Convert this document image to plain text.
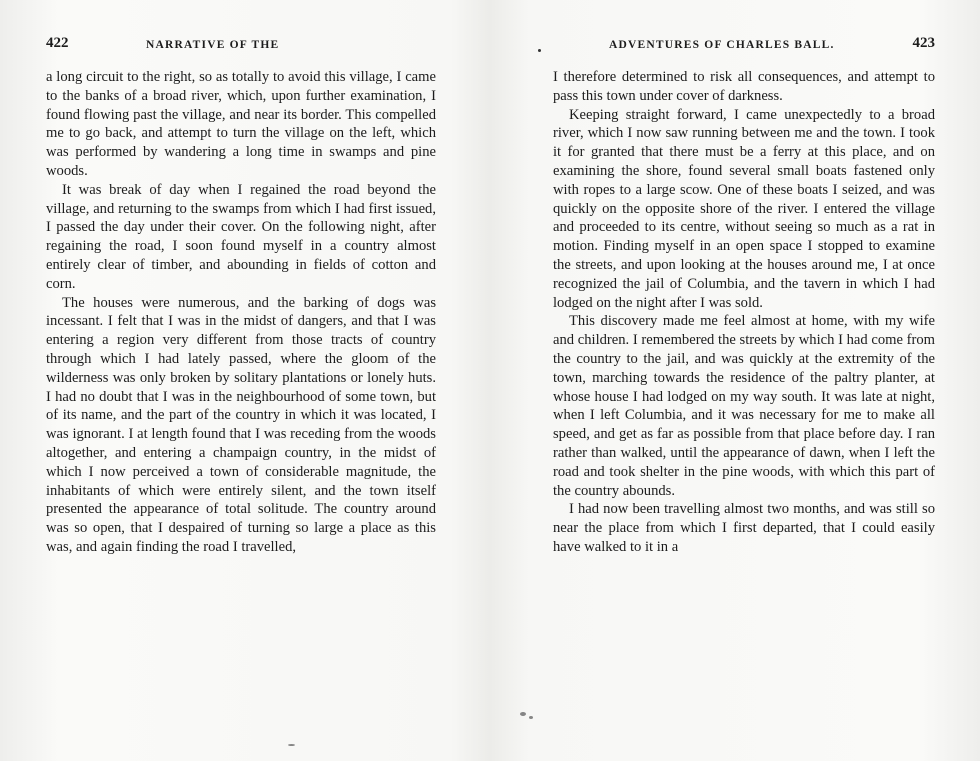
422	NARRATIVE OF THE

a long circuit to the right, so as totally to avoid this village, I came to the banks of a broad river, which, upon further examination, I found flowing past the village, and near its border. This compelled me to go back, and attempt to turn the village on the left, which was performed by wandering a long time in swamps and pine woods.

It was break of day when I regained the road beyond the village, and returning to the swamps from which I had first issued, I passed the day under their cover. On the following night, after regaining the road, I soon found myself in a country almost entirely clear of timber, and abounding in fields of cotton and corn.

The houses were numerous, and the barking of dogs was incessant. I felt that I was in the midst of dangers, and that I was entering a region very different from those tracts of country through which I had lately passed, where the gloom of the wilderness was only broken by solitary plantations or lonely huts. I had no doubt that I was in the neighbourhood of some town, but of its name, and the part of the country in which it was located, I was ignorant. I at length found that I was receding from the woods altogether, and entering a champaign country, in the midst of which I now perceived a town of considerable magnitude, the inhabitants of which were entirely silent, and the town itself presented the appearance of total solitude. The country around was so open, that I despaired of turning so large a place as this was, and again finding the road I travelled,

ADVENTURES OF CHARLES BALL.	423

I therefore determined to risk all consequences, and attempt to pass this town under cover of darkness.

Keeping straight forward, I came unexpectedly to a broad river, which I now saw running between me and the town. I took it for granted that there must be a ferry at this place, and on examining the shore, found several small boats fastened only with ropes to a large scow. One of these boats I seized, and was quickly on the opposite shore of the river. I entered the village and proceeded to its centre, without seeing so much as a rat in motion. Finding myself in an open space I stopped to examine the streets, and upon looking at the houses around me, I at once recognized the jail of Columbia, and the tavern in which I had lodged on the night after I was sold.

This discovery made me feel almost at home, with my wife and children. I remembered the streets by which I had come from the country to the jail, and was quickly at the extremity of the town, marching towards the residence of the paltry planter, at whose house I had lodged on my way south. It was late at night, when I left Columbia, and it was necessary for me to make all speed, and get as far as possible from that place before day. I ran rather than walked, until the appearance of dawn, when I left the road and took shelter in the pine woods, with which this part of the country abounds.

I had now been travelling almost two months, and was still so near the place from which I first departed, that I could easily have walked to it in a
